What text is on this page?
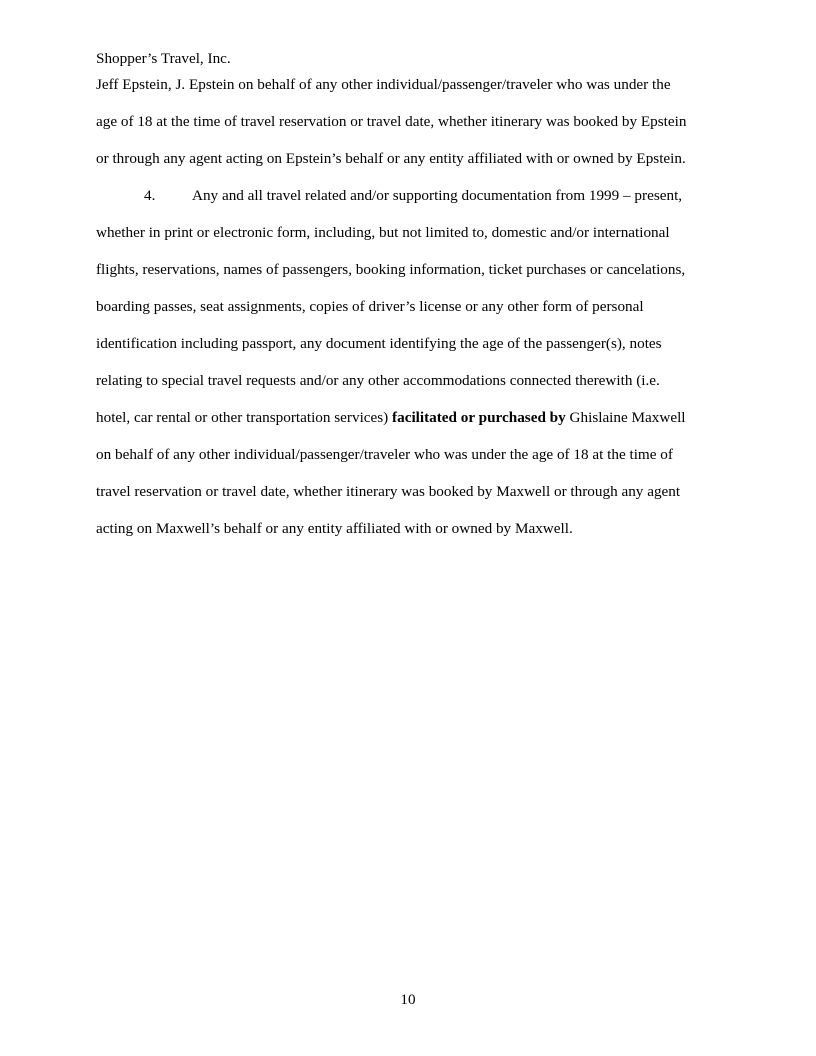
Shopper’s Travel, Inc.
Jeff Epstein, J. Epstein on behalf of any other individual/passenger/traveler who was under the
age of 18 at the time of travel reservation or travel date, whether itinerary was booked by Epstein
or through any agent acting on Epstein’s behalf or any entity affiliated with or owned by Epstein.
4. Any and all travel related and/or supporting documentation from 1999 – present,
whether in print or electronic form, including, but not limited to, domestic and/or international
flights, reservations, names of passengers, booking information, ticket purchases or cancelations,
boarding passes, seat assignments, copies of driver’s license or any other form of personal
identification including passport, any document identifying the age of the passenger(s), notes
relating to special travel requests and/or any other accommodations connected therewith (i.e.
hotel, car rental or other transportation services) facilitated or purchased by Ghislaine Maxwell
on behalf of any other individual/passenger/traveler who was under the age of 18 at the time of
travel reservation or travel date, whether itinerary was booked by Maxwell or through any agent
acting on Maxwell’s behalf or any entity affiliated with or owned by Maxwell.
10
